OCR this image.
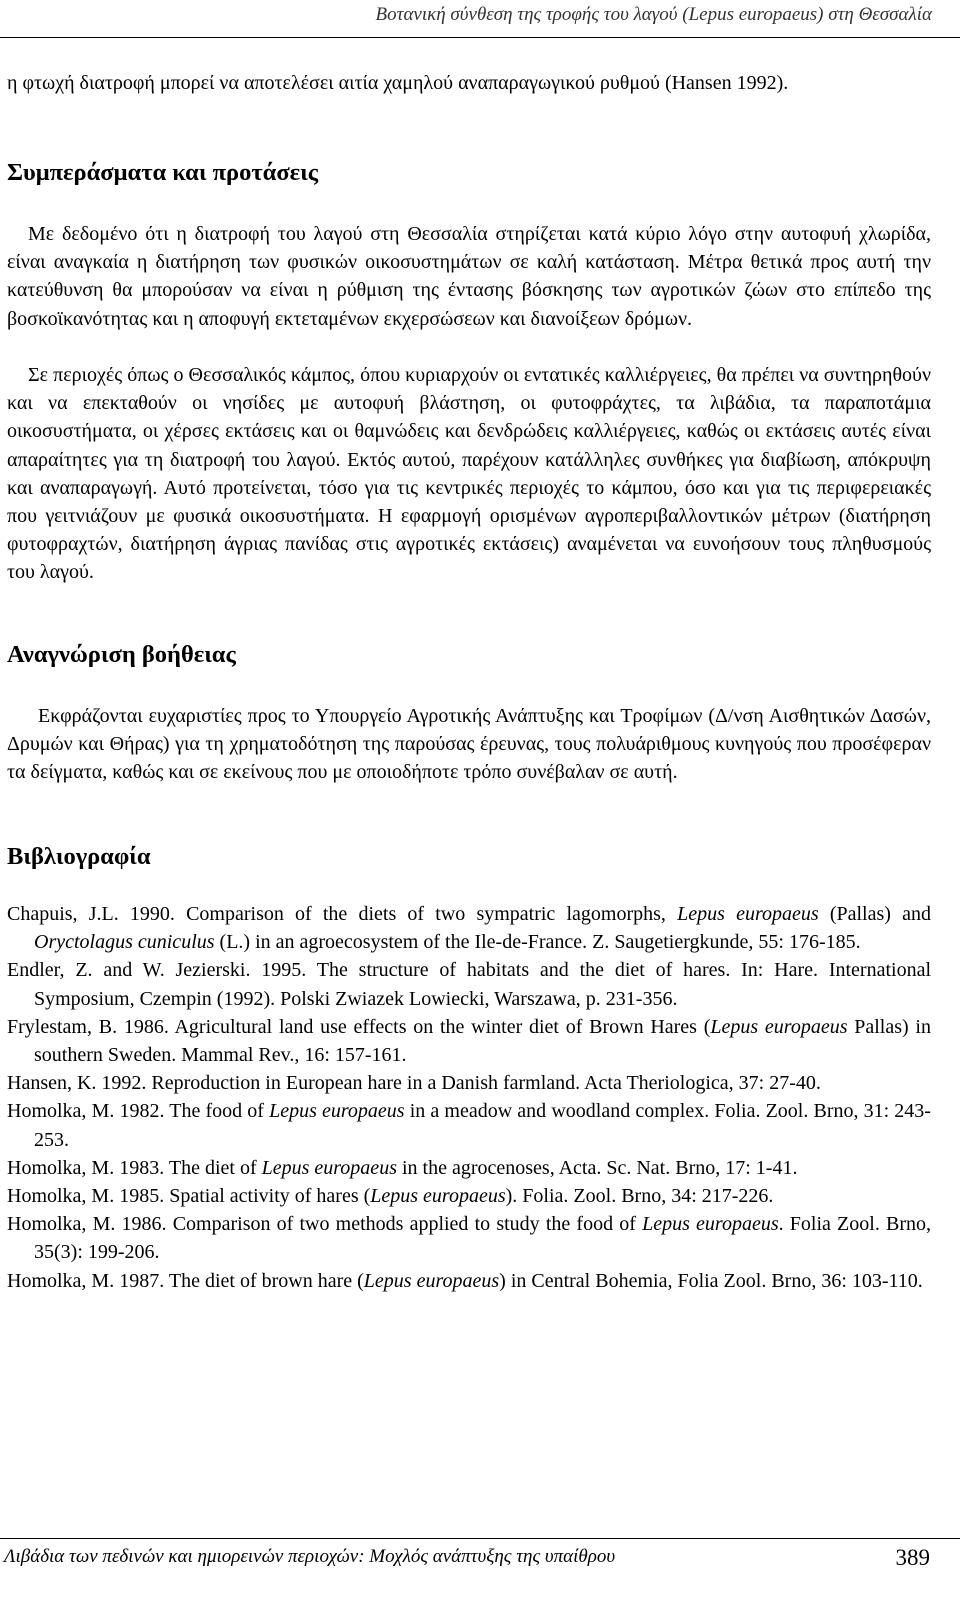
Βοτανική σύνθεση της τροφής του λαγού (Lepus europaeus) στη Θεσσαλία

η φτωχή διατροφή μπορεί να αποτελέσει αιτία χαμηλού αναπαραγωγικού ρυθμού (Hansen 1992).

Συμπεράσματα και προτάσεις

Με δεδομένο ότι η διατροφή του λαγού στη Θεσσαλία στηρίζεται κατά κύριο λόγο στην αυτοφυή χλωρίδα, είναι αναγκαία η διατήρηση των φυσικών οικοσυστημάτων σε καλή κατάσταση. Μέτρα θετικά προς αυτή την κατεύθυνση θα μπορούσαν να είναι η ρύθμιση της έντασης βόσκησης των αγροτικών ζώων στο επίπεδο της βοσκοϊκανότητας και η αποφυγή εκτεταμένων εκχερσώσεων και διανοίξεων δρόμων.

Σε περιοχές όπως ο Θεσσαλικός κάμπος, όπου κυριαρχούν οι εντατικές καλλιέργειες, θα πρέπει να συντηρηθούν και να επεκταθούν οι νησίδες με αυτοφυή βλάστηση, οι φυτοφράχτες, τα λιβάδια, τα παραποτάμια οικοσυστήματα, οι χέρσες εκτάσεις και οι θαμνώδεις και δενδρώδεις καλλιέργειες, καθώς οι εκτάσεις αυτές είναι απαραίτητες για τη διατροφή του λαγού. Εκτός αυτού, παρέχουν κατάλληλες συνθήκες για διαβίωση, απόκρυψη και αναπαραγωγή. Αυτό προτείνεται, τόσο για τις κεντρικές περιοχές το κάμπου, όσο και για τις περιφερειακές που γειτνιάζουν με φυσικά οικοσυστήματα. Η εφαρμογή ορισμένων αγροπεριβαλλοντικών μέτρων (διατήρηση φυτοφραχτών, διατήρηση άγριας πανίδας στις αγροτικές εκτάσεις) αναμένεται να ευνοήσουν τους πληθυσμούς του λαγού.

Αναγνώριση βοήθειας

Εκφράζονται ευχαριστίες προς το Υπουργείο Αγροτικής Ανάπτυξης και Τροφίμων (Δ/νση Αισθητικών Δασών, Δρυμών και Θήρας) για τη χρηματοδότηση της παρούσας έρευνας, τους πολυάριθμους κυνηγούς που προσέφεραν τα δείγματα, καθώς και σε εκείνους που με οποιοδήποτε τρόπο συνέβαλαν σε αυτή.

Βιβλιογραφία

Chapuis, J.L. 1990. Comparison of the diets of two sympatric lagomorphs, Lepus europaeus (Pallas) and Oryctolagus cuniculus (L.) in an agroecosystem of the Ile-de-France. Z. Saugetiergkunde, 55: 176-185.

Endler, Z. and W. Jezierski. 1995. The structure of habitats and the diet of hares. In: Hare. International Symposium, Czempin (1992). Polski Zwiazek Lowiecki, Warszawa, p. 231-356.

Frylestam, B. 1986. Agricultural land use effects on the winter diet of Brown Hares (Lepus europaeus Pallas) in southern Sweden. Mammal Rev., 16: 157-161.

Hansen, K. 1992. Reproduction in European hare in a Danish farmland. Acta Theriologica, 37: 27-40.

Homolka, M. 1982. The food of Lepus europaeus in a meadow and woodland complex. Folia. Zool. Brno, 31: 243-253.

Homolka, M. 1983. The diet of Lepus europaeus in the agrocenoses, Acta. Sc. Nat. Brno, 17: 1-41.

Homolka, M. 1985. Spatial activity of hares (Lepus europaeus). Folia. Zool. Brno, 34: 217-226.

Homolka, M. 1986. Comparison of two methods applied to study the food of Lepus europaeus. Folia Zool. Brno, 35(3): 199-206.

Homolka, M. 1987. The diet of brown hare (Lepus europaeus) in Central Bohemia, Folia Zool. Brno, 36: 103-110.

Λιβάδια των πεδινών και ημιορεινών περιοχών: Μοχλός ανάπτυξης της υπαίθρου	389
